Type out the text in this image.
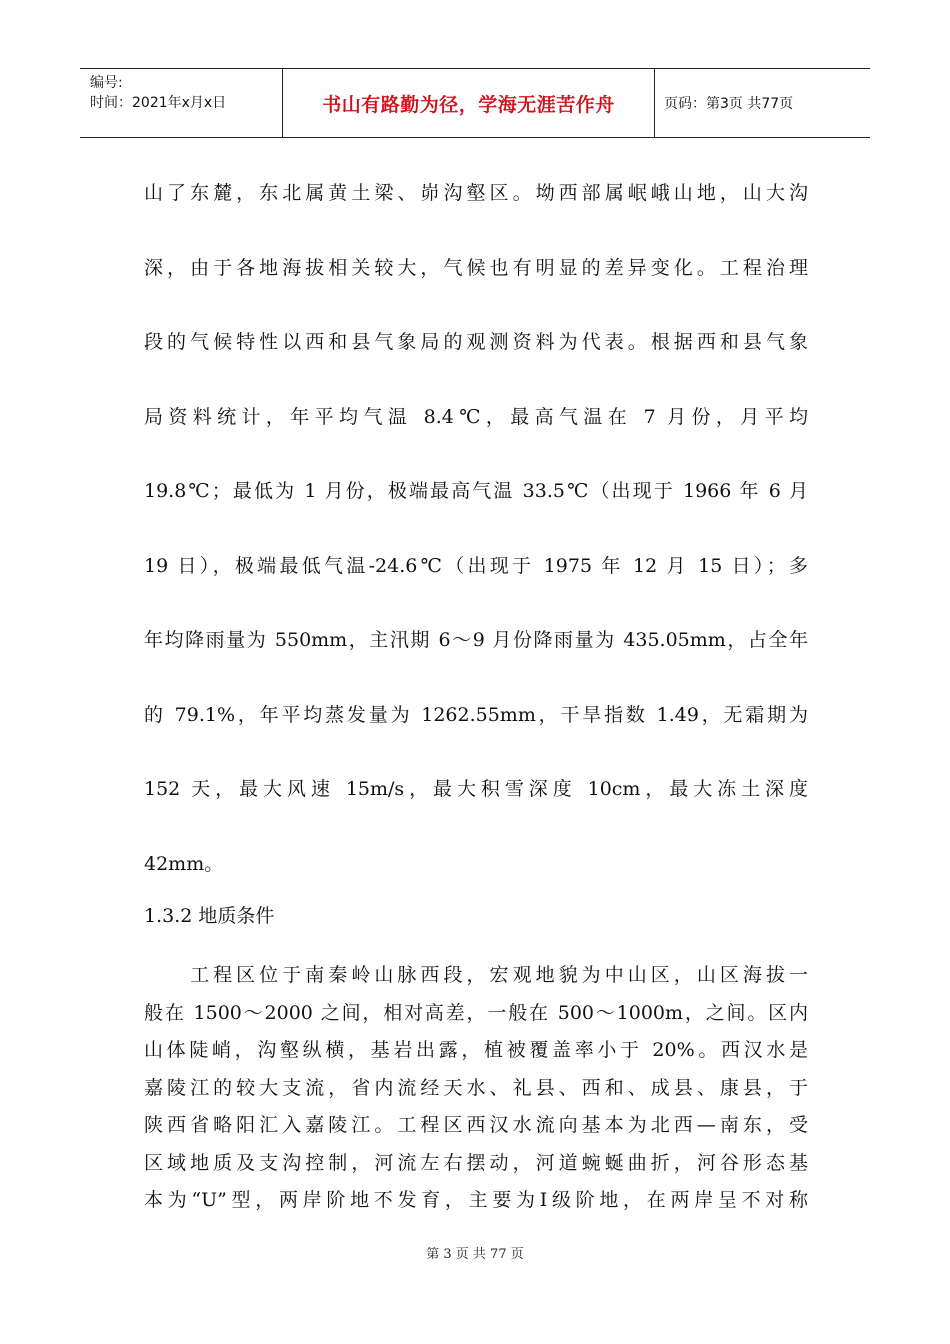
编号:
时间：2021年x月x日	书山有路勤为径，学海无涯苦作舟	页码：第3页 共77页
山了东麓，东北属黄土梁、峁沟壑区。坳西部属岷峨山地，山大沟
深，由于各地海拔相关较大，气候也有明显的差异变化。工程治理
段的气候特性以西和县气象局的观测资料为代表。根据西和县气象
局资料统计，年平均气温 8.4℃，最高气温在 7 月份，月平均
19.8℃；最低为 1 月份，极端最高气温 33.5℃（出现于 1966 年 6 月
19 日），极端最低气温-24.6℃（出现于 1975 年 12 月 15 日）；多
年均降雨量为 550mm，主汛期 6～9 月份降雨量为 435.05mm，占全年
的 79.1%，年平均蒸发量为 1262.55mm，干旱指数 1.49，无霜期为
152 天，最大风速 15m/s，最大积雪深度 10cm，最大冻土深度
42mm。
1.3.2 地质条件
　　工程区位于南秦岭山脉西段，宏观地貌为中山区，山区海拔一
般在 1500～2000 之间，相对高差，一般在 500～1000m，之间。区内
山体陡峭，沟壑纵横，基岩出露，植被覆盖率小于 20%。西汉水是
嘉陵江的较大支流，省内流经天水、礼县、西和、成县、康县，于
陕西省略阳汇入嘉陵江。工程区西汉水流向基本为北西—南东，受
区域地质及支沟控制，河流左右摆动，河道蜿蜒曲折，河谷形态基
本为“U”型，两岸阶地不发育，主要为Ⅰ级阶地，在两岸呈不对称
第 3 页 共 77 页
